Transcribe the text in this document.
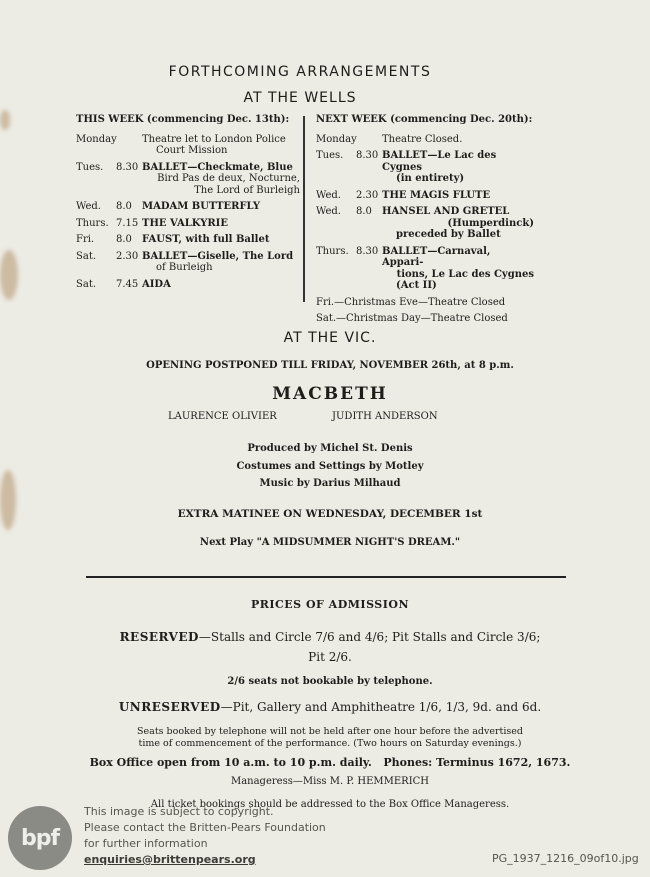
FORTHCOMING ARRANGEMENTS
AT THE WELLS
THIS WEEK (commencing Dec. 13th):
Monday	Theatre let to London Police
Court Mission
Tues.	8.30 BALLET—Checkmate, Blue
Bird Pas de deux, Nocturne,
The Lord of Burleigh
Wed.	8.0	MADAM BUTTERFLY
Thurs. 7.15 THE VALKYRIE
Fri.	8.0	FAUST, with full Ballet
Sat.	2.30 BALLET—Giselle, The Lord
of Burleigh
Sat.	7.45 AIDA
NEXT WEEK (commencing Dec. 20th):
Monday	Theatre Closed.
Tues.	8.30 BALLET—Le Lac des Cygnes
(in entirety)
Wed.	2.30 THE MAGIS FLUTE
Wed.	8.0	HANSEL AND GRETEL
(Humperdinck)
preceded by Ballet
Thurs. 8.30 BALLET—Carnaval, Appari-
tions, Le Lac des Cygnes
(Act II)
Fri.—Christmas Eve—Theatre Closed
Sat.—Christmas Day—Theatre Closed
AT THE VIC.
OPENING POSTPONED TILL FRIDAY, NOVEMBER 26th, at 8 p.m.
MACBETH
LAURENCE OLIVIER	JUDITH ANDERSON
Produced by Michel St. Denis
Costumes and Settings by Motley
Music by Darius Milhaud
EXTRA MATINEE ON WEDNESDAY, DECEMBER 1st
Next Play "A MIDSUMMER NIGHT'S DREAM."
PRICES OF ADMISSION
RESERVED—Stalls and Circle 7/6 and 4/6; Pit Stalls and Circle 3/6;
Pit 2/6.
2/6 seats not bookable by telephone.
UNRESERVED—Pit, Gallery and Amphitheatre 1/6, 1/3, 9d. and 6d.
Seats booked by telephone will not be held after one hour before the advertised
time of commencement of the performance. (Two hours on Saturday evenings.)
Box Office open from 10 a.m. to 10 p.m. daily. Phones: Terminus 1672, 1673.
Manageress—Miss M. P. HEMMERICH
All ticket bookings should be addressed to the Box Office Manageress.
bpf
This image is subject to copyright.
Please contact the Britten-Pears Foundation
for further information
enquiries@brittenpears.org	PG_1937_1216_09of10.jpg
